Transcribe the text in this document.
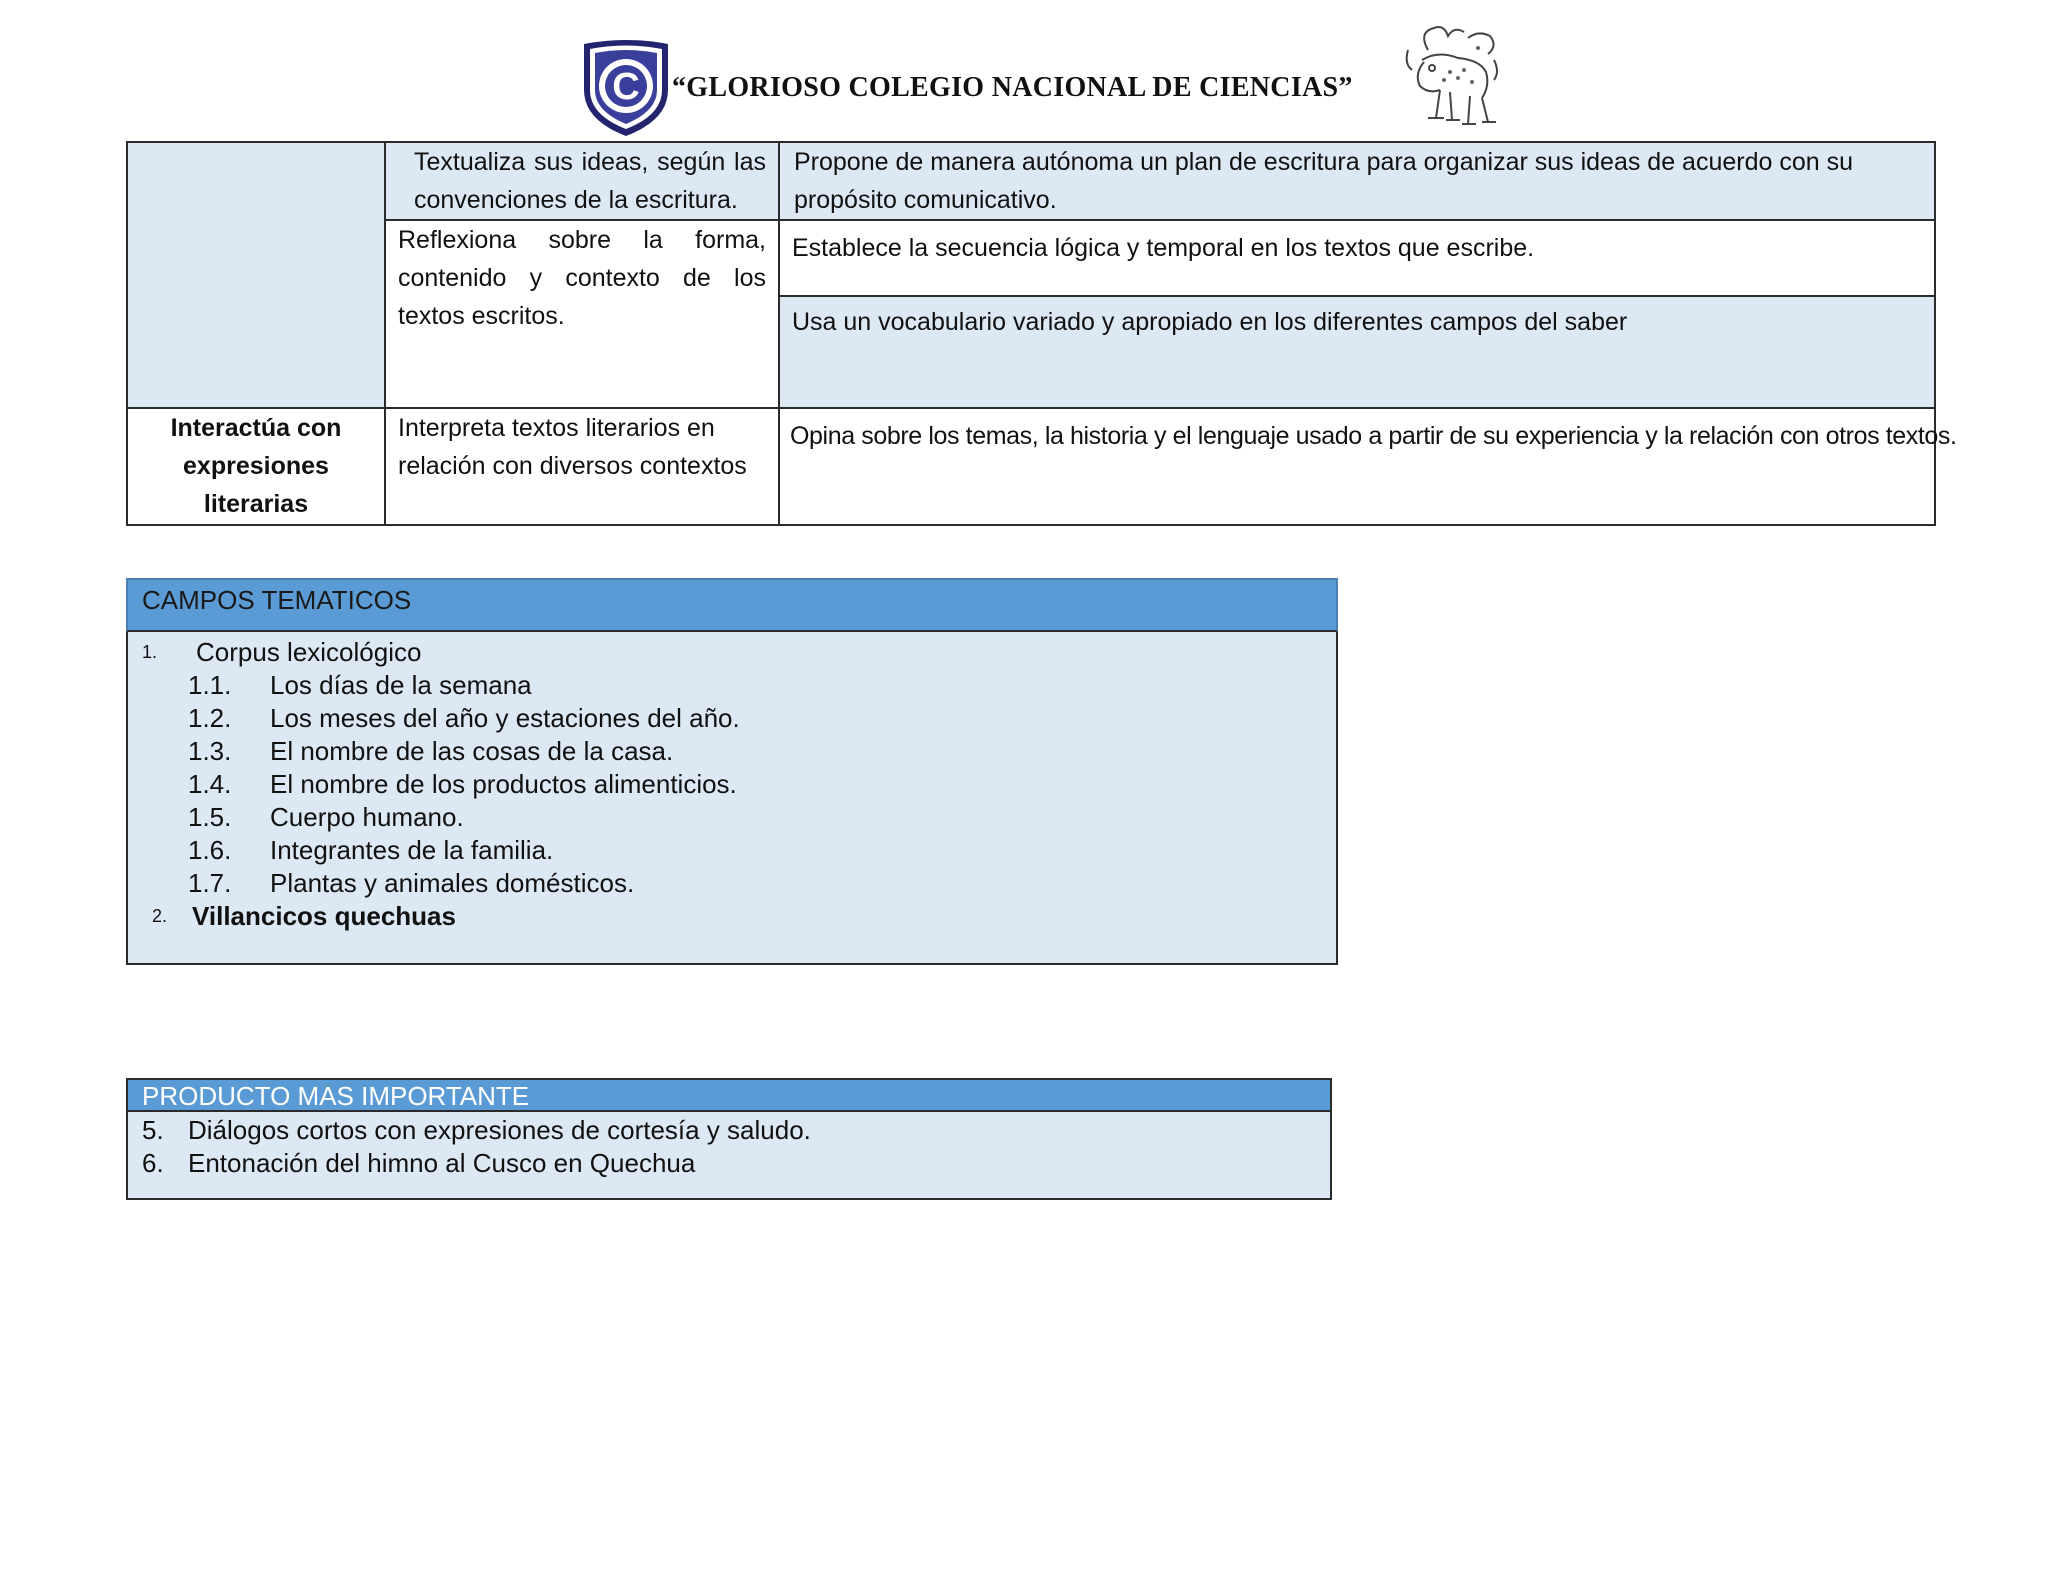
C “GLORIOSO COLEGIO NACIONAL DE CIENCIAS”
	Textualiza sus ideas, según las convenciones de la escritura.	Propone de manera autónoma un plan de escritura para organizar sus ideas de acuerdo con su propósito comunicativo.
	Reflexiona sobre la forma, contenido y contexto de los textos escritos.	Establece la secuencia lógica y temporal en los textos que escribe.
		Usa un vocabulario variado y apropiado en los diferentes campos del saber
Interactúa con expresiones literarias	Interpreta textos literarios en relación con diversos contextos	Opina sobre los temas, la historia y el lenguaje usado a partir de su experiencia y la relación con otros textos.
CAMPOS TEMATICOS
1. Corpus lexicológico
1.1. Los días de la semana
1.2. Los meses del año y estaciones del año.
1.3. El nombre de las cosas de la casa.
1.4. El nombre de los productos alimenticios.
1.5. Cuerpo humano.
1.6. Integrantes de la familia.
1.7. Plantas y animales domésticos.
2. Villancicos quechuas
PRODUCTO MAS IMPORTANTE
5. Diálogos cortos con expresiones de cortesía y saludo.
6. Entonación del himno al Cusco en Quechua
